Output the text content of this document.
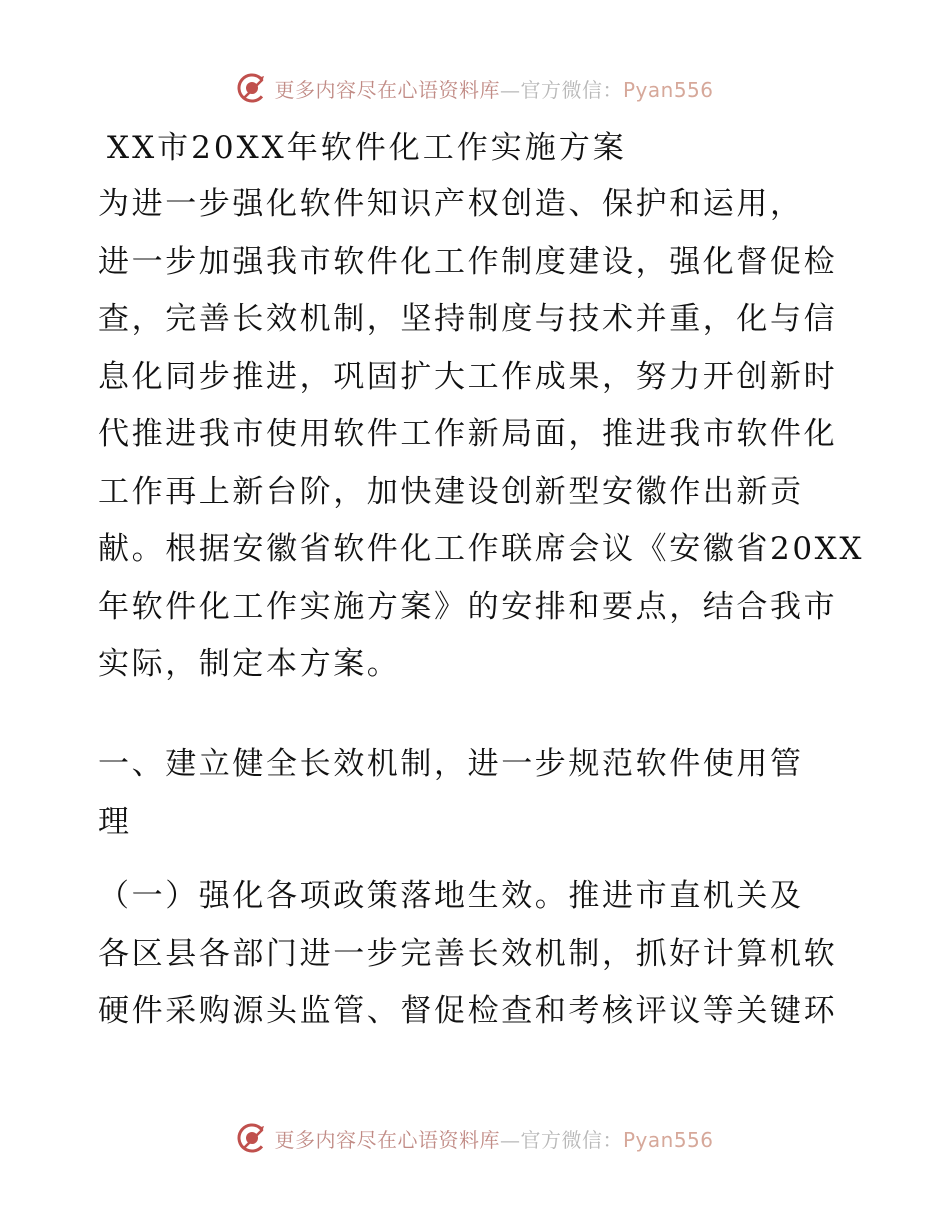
更多内容尽在心语资料库—官方微信：Pyan556
XX市20XX年软件化工作实施方案

为进一步强化软件知识产权创造、保护和运用，
进一步加强我市软件化工作制度建设，强化督促检
查，完善长效机制，坚持制度与技术并重，化与信
息化同步推进，巩固扩大工作成果，努力开创新时
代推进我市使用软件工作新局面，推进我市软件化
工作再上新台阶，加快建设创新型安徽作出新贡
献。根据安徽省软件化工作联席会议《安徽省20XX
年软件化工作实施方案》的安排和要点，结合我市
实际，制定本方案。

一、建立健全长效机制，进一步规范软件使用管
理

（一）强化各项政策落地生效。推进市直机关及
各区县各部门进一步完善长效机制，抓好计算机软
硬件采购源头监管、督促检查和考核评议等关键环

更多内容尽在心语资料库—官方微信：Pyan556
